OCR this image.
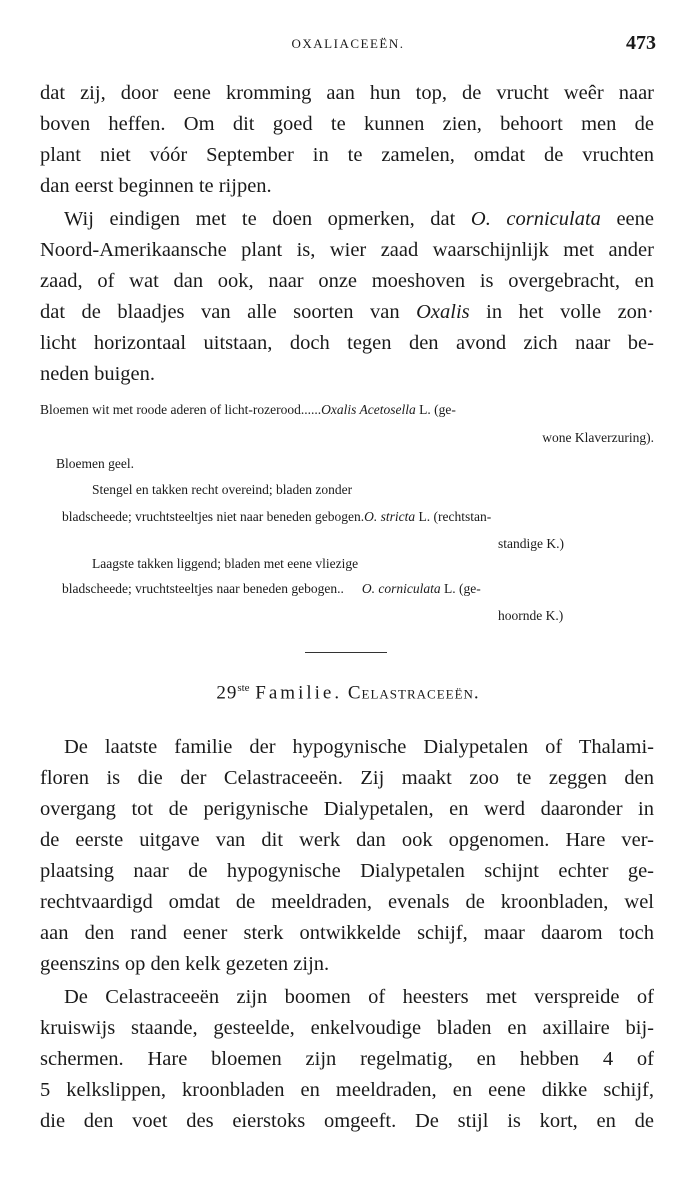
OXALIACEEËN.	473
dat zij, door eene kromming aan hun top, de vrucht weêr naar
boven heffen. Om dit goed te kunnen zien, behoort men de
plant niet vóór September in te zamelen, omdat de vruchten
dan eerst beginnen te rijpen.
Wij eindigen met te doen opmerken, dat O. corniculata eene
Noord-Amerikaansche plant is, wier zaad waarschijnlijk met ander
zaad, of wat dan ook, naar onze moeshoven is overgebracht, en
dat de blaadjes van alle soorten van Oxalis in het volle zon·
licht horizontaal uitstaan, doch tegen den avond zich naar be-
neden buigen.
Bloemen wit met roode aderen of licht-rozerood......Oxalis Acetosella L. (ge-
wone Klaverzuring).
Bloemen geel.
Stengel en takken recht overeind; bladen zonder
bladscheede; vruchtsteeltjes niet naar beneden gebogen.O. stricta L. (rechtstan-
standige K.)
Laagste takken liggend; bladen met eene vliezige
bladscheede; vruchtsteeltjes naar beneden gebogen.. O. corniculata L. (ge-
hoornde K.)
29ste Familie. Celastraceeën.
De laatste familie der hypogynische Dialypetalen of Thalami-
floren is die der Celastraceeën. Zij maakt zoo te zeggen den
overgang tot de perigynische Dialypetalen, en werd daaronder in
de eerste uitgave van dit werk dan ook opgenomen. Hare ver-
plaatsing naar de hypogynische Dialypetalen schijnt echter ge-
rechtvaardigd omdat de meeldraden, evenals de kroonbladen, wel
aan den rand eener sterk ontwikkelde schijf, maar daarom toch
geenszins op den kelk gezeten zijn.
De Celastraceeën zijn boomen of heesters met verspreide of
kruiswijs staande, gesteelde, enkelvoudige bladen en axillaire bij-
schermen. Hare bloemen zijn regelmatig, en hebben 4 of
5 kelkslippen, kroonbladen en meeldraden, en eene dikke schijf,
die den voet des eierstoks omgeeft. De stijl is kort, en de
